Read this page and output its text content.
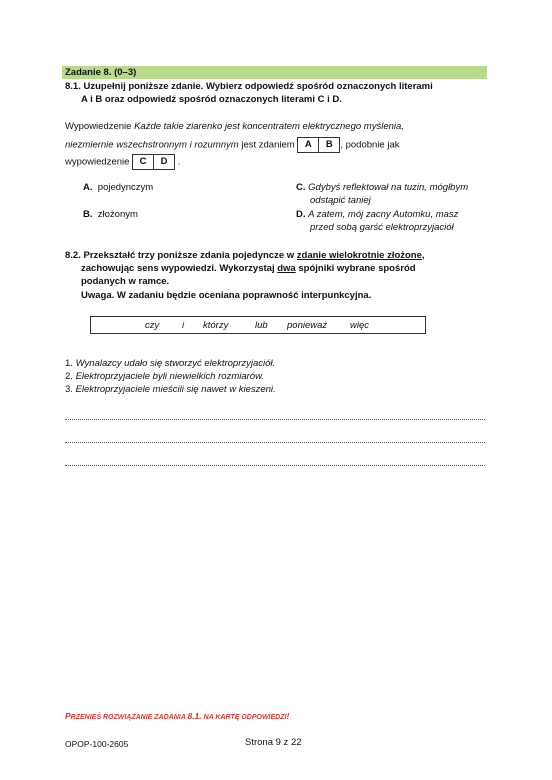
Zadanie 8. (0–3)
8.1. Uzupełnij poniższe zdanie. Wybierz odpowiedź spośród oznaczonych literami
A i B oraz odpowiedź spośród oznaczonych literami C i D.
Wypowiedzenie Każde takie ziarenko jest koncentratem elektrycznego myślenia,
niezmiernie wszechstronnym i rozumnym jest zdaniem A B , podobnie jak
wypowiedzenie C D .
A. pojedynczym
B. złożonym
C. Gdybyś reflektował na tuzin, mógłbym
odstąpić taniej
D. A zatem, mój zacny Automku, masz
przed sobą garść elektroprzyjaciół
8.2. Przekształć trzy poniższe zdania pojedyncze w zdanie wielokrotnie złożone,
zachowując sens wypowiedzi. Wykorzystaj dwa spójniki wybrane spośród
podanych w ramce.
Uwaga. W zadaniu będzie oceniana poprawność interpunkcyjna.
czy i którzy	lub ponieważ więc
1. Wynalazcy udało się stworzyć elektroprzyjaciół.
2. Elektroprzyjaciele byli niewielkich rozmiarów.
3. Elektroprzyjaciele mieścili się nawet w kieszeni.
PRZENIEŚ ROZWIĄZANIE ZADANIA 8.1. NA KARTĘ ODPOWIEDZI!
OPOP-100-2605	Strona 9 z 22
